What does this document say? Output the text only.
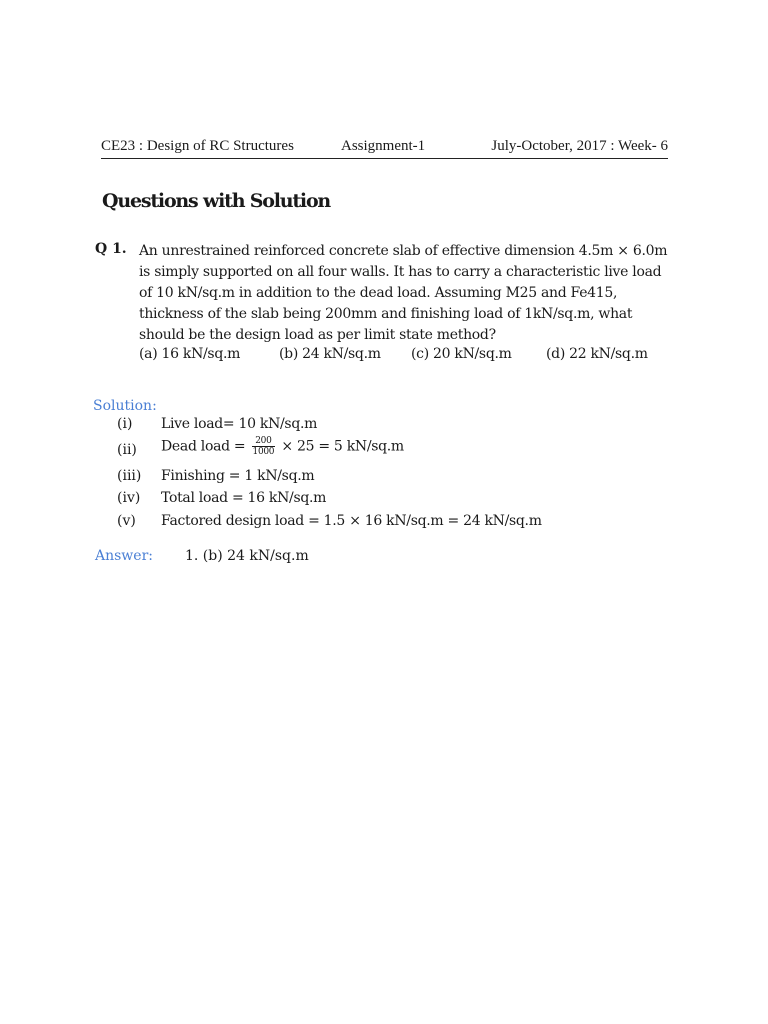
CE23 : Design of RC Structures	Assignment-1	July-October, 2017 : Week- 6
Questions with Solution
Q 1. An unrestrained reinforced concrete slab of effective dimension 4.5m × 6.0m is simply supported on all four walls. It has to carry a characteristic live load of 10 kN/sq.m in addition to the dead load. Assuming M25 and Fe415, thickness of the slab being 200mm and finishing load of 1kN/sq.m, what should be the design load as per limit state method?
(a) 16 kN/sq.m	(b) 24 kN/sq.m (c) 20 kN/sq.m (d) 22 kN/sq.m
Solution:
(i) Live load= 10 kN/sq.m
(ii) Dead load = $\frac{200}{1000} \times 25 = 5$ kN/sq.m
(iii) Finishing = 1 kN/sq.m
(iv) Total load = 16 kN/sq.m
(v) Factored design load = 1.5 × 16 kN/sq.m = 24 kN/sq.m
Answer: 1. (b) 24 kN/sq.m
